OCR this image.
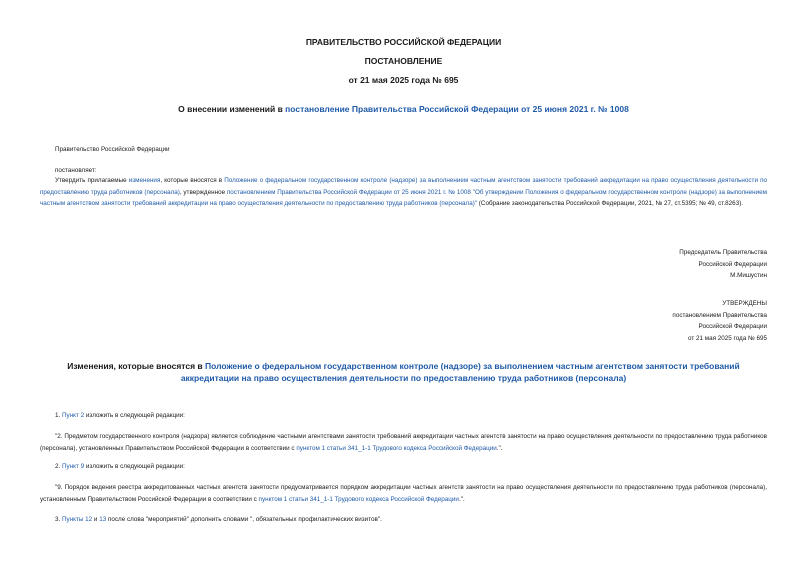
ПРАВИТЕЛЬСТВО РОССИЙСКОЙ ФЕДЕРАЦИИ
ПОСТАНОВЛЕНИЕ
от 21 мая 2025 года № 695
О внесении изменений в постановление Правительства Российской Федерации от 25 июня 2021 г. № 1008
Правительство Российской Федерации
постановляет:
Утвердить прилагаемые изменения, которые вносятся в Положение о федеральном государственном контроле (надзоре) за выполнением частным агентством занятости требований аккредитации на право осуществления деятельности по предоставлению труда работников (персонала), утвержденное постановлением Правительства Российской Федерации от 25 июня 2021 г. № 1008 "Об утверждении Положения о федеральном государственном контроле (надзоре) за выполнением частным агентством занятости требований аккредитации на право осуществления деятельности по предоставлению труда работников (персонала)" (Собрание законодательства Российской Федерации, 2021, № 27, ст.5395; № 49, ст.8263).

Председатель Правительства

Российской Федерации

М.Мишустин

УТВЕРЖДЕНЫ

постановлением Правительства

Российской Федерации

от 21 мая 2025 года № 695

Изменения, которые вносятся в Положение о федеральном государственном контроле (надзоре) за выполнением частным агентством занятости требований аккредитации на право осуществления деятельности по предоставлению труда работников (персонала)
1. Пункт 2 изложить в следующей редакции:
"2. Предметом государственного контроля (надзора) является соблюдение частными агентствами занятости требований аккредитации частных агентств занятости на право осуществления деятельности по предоставлению труда работников (персонала), установленных Правительством Российской Федерации в соответствии с пунктом 1 статьи 341_1-1 Трудового кодекса Российской Федерации.".
2. Пункт 9 изложить в следующей редакции:
"9. Порядок ведения реестра аккредитованных частных агентств занятости предусматривается порядком аккредитации частных агентств занятости на право осуществления деятельности по предоставлению труда работников (персонала), установленным Правительством Российской Федерации в соответствии с пунктом 1 статьи 341_1-1 Трудового кодекса Российской Федерации.".
3. Пункты 12 и 13 после слова "мероприятий" дополнить словами ", обязательных профилактических визитов".
